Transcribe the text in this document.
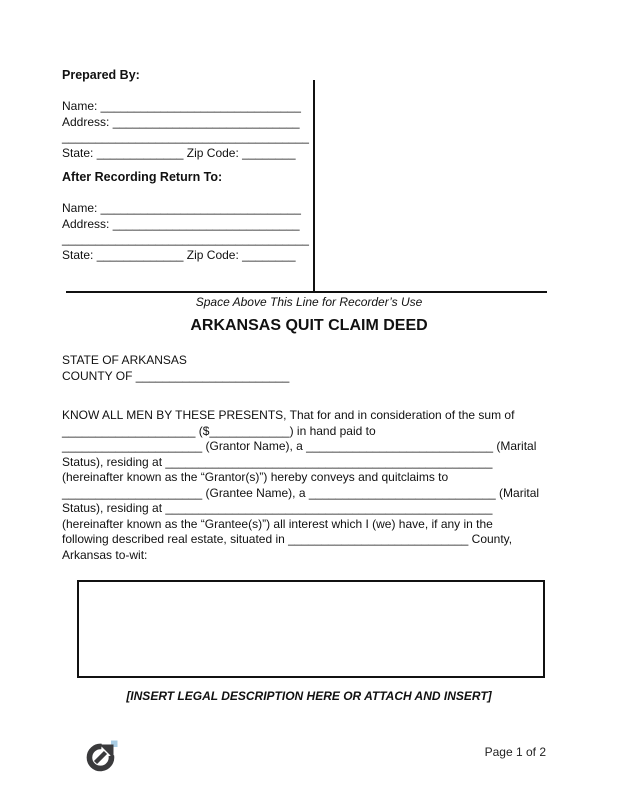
Prepared By:
Name: ______________________________
Address: ____________________________
_____________________________________
State: _____________ Zip Code: ________
After Recording Return To:
Name: ______________________________
Address: ____________________________
_____________________________________
State: _____________ Zip Code: ________
Space Above This Line for Recorder’s Use
ARKANSAS QUIT CLAIM DEED
STATE OF ARKANSAS
COUNTY OF _______________________
KNOW ALL MEN BY THESE PRESENTS, That for and in consideration of the sum of
____________________ ($____________) in hand paid to
_____________________ (Grantor Name), a ____________________________ (Marital
Status), residing at _________________________________________________
(hereinafter known as the “Grantor(s)”) hereby conveys and quitclaims to
_____________________ (Grantee Name), a ____________________________ (Marital
Status), residing at _________________________________________________
(hereinafter known as the “Grantee(s)”) all interest which I (we) have, if any in the
following described real estate, situated in ___________________________ County,
Arkansas to-wit:
[INSERT LEGAL DESCRIPTION HERE OR ATTACH AND INSERT]
Page 1 of 2
